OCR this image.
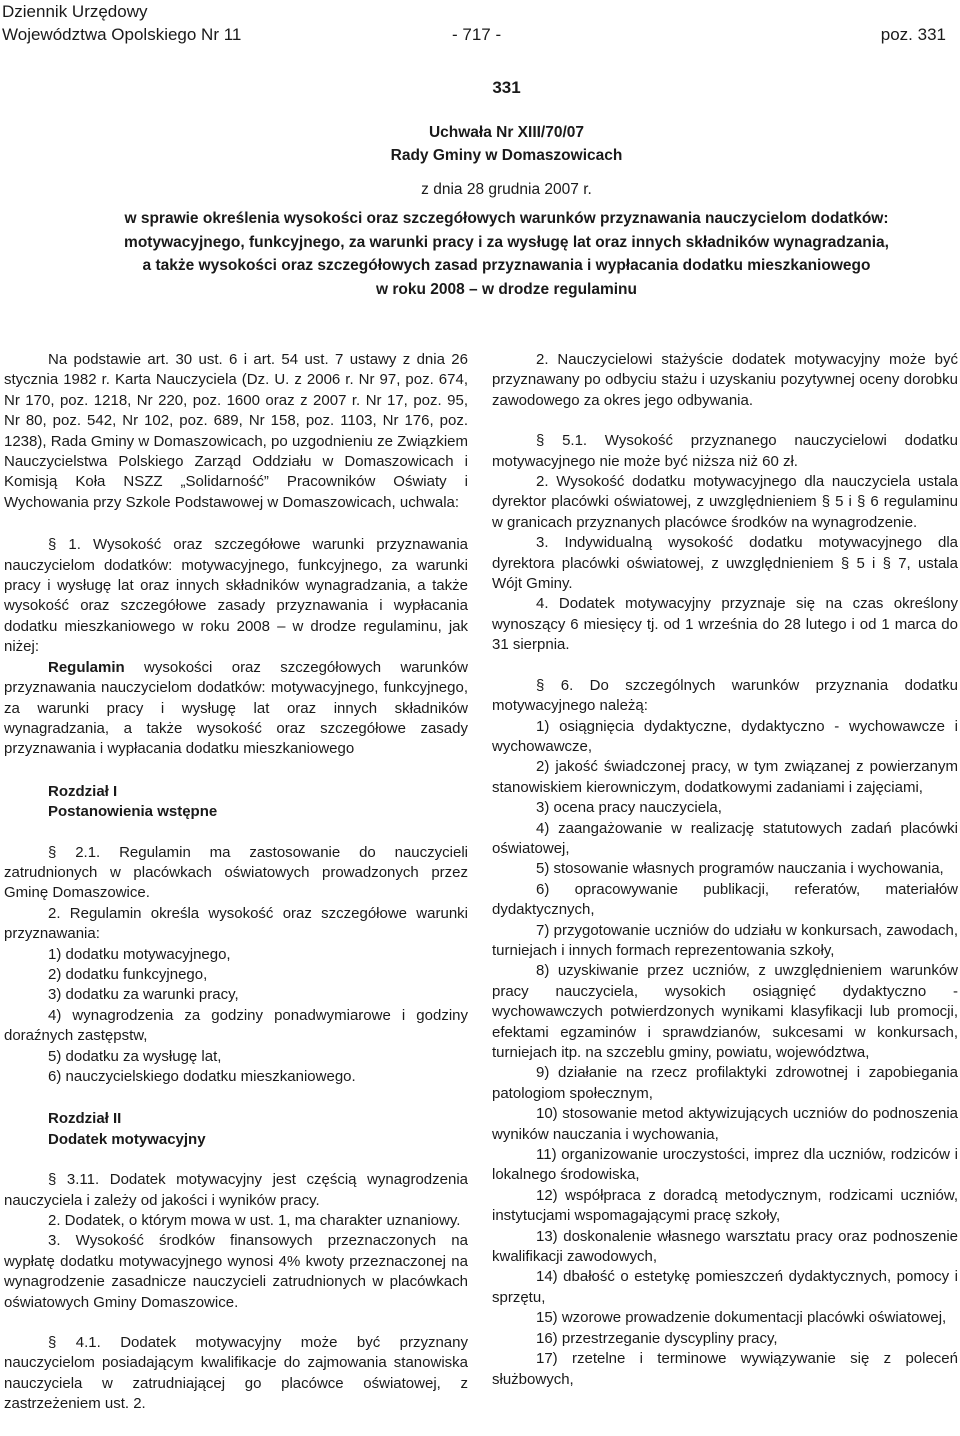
Dziennik Urzędowy
Województwa Opolskiego Nr 11	- 717 -	poz. 331
331
Uchwała Nr XIII/70/07
Rady Gminy w Domaszowicach
z dnia 28 grudnia 2007 r.
w sprawie określenia wysokości oraz szczegółowych warunków przyznawania nauczycielom dodatków:
motywacyjnego, funkcyjnego, za warunki pracy i za wysługę lat oraz innych składników wynagradzania,
a także wysokości oraz szczegółowych zasad przyznawania i wypłacania dodatku mieszkaniowego
w roku 2008 – w drodze regulaminu

Na podstawie art. 30 ust. 6 i art. 54 ust. 7 ustawy z dnia 26 stycznia 1982 r. Karta Nauczyciela (Dz. U. z 2006 r. Nr 97, poz. 674, Nr 170, poz. 1218, Nr 220, poz. 1600 oraz z 2007 r. Nr 17, poz. 95, Nr 80, poz. 542, Nr 102, poz. 689, Nr 158, poz. 1103, Nr 176, poz. 1238), Rada Gminy w Domaszowicach, po uzgodnieniu ze Związkiem Nauczycielstwa Polskiego Zarząd Oddziału w Domaszowicach i Komisją Koła NSZZ „Solidarność” Pracowników Oświaty i Wychowania przy Szkole Podstawowej w Domaszowicach, uchwala:

§ 1. Wysokość oraz szczegółowe warunki przyznawania nauczycielom dodatków: motywacyjnego, funkcyjnego, za warunki pracy i wysługę lat oraz innych składników wynagradzania, a także wysokość oraz szczegółowe zasady przyznawania i wypłacania dodatku mieszkaniowego w roku 2008 – w drodze regulaminu, jak niżej:

Regulamin wysokości oraz szczegółowych warunków przyznawania nauczycielom dodatków: motywacyjnego, funkcyjnego, za warunki pracy i wysługę lat oraz innych składników wynagradzania, a także wysokość oraz szczegółowe zasady przyznawania i wypłacania dodatku mieszkaniowego

Rozdział I

Postanowienia wstępne

§ 2.1. Regulamin ma zastosowanie do nauczycieli zatrudnionych w placówkach oświatowych prowadzonych przez Gminę Domaszowice.

2. Regulamin określa wysokość oraz szczegółowe warunki przyznawania:

1) dodatku motywacyjnego,

2) dodatku funkcyjnego,

3) dodatku za warunki pracy,

4) wynagrodzenia za godziny ponadwymiarowe i godziny doraźnych zastępstw,

5) dodatku za wysługę lat,

6) nauczycielskiego dodatku mieszkaniowego.

Rozdział II

Dodatek motywacyjny

§ 3.11. Dodatek motywacyjny jest częścią wynagrodzenia nauczyciela i zależy od jakości i wyników pracy.

2. Dodatek, o którym mowa w ust. 1, ma charakter uznaniowy.

3. Wysokość środków finansowych przeznaczonych na wypłatę dodatku motywacyjnego wynosi 4% kwoty przeznaczonej na wynagrodzenie zasadnicze nauczycieli zatrudnionych w placówkach oświatowych Gminy Domaszowice.

§ 4.1. Dodatek motywacyjny może być przyznany nauczycielom posiadającym kwalifikacje do zajmowania stanowiska nauczyciela w zatrudniającej go placówce oświatowej, z zastrzeżeniem ust. 2.

2. Nauczycielowi stażyście dodatek motywacyjny może być przyznawany po odbyciu stażu i uzyskaniu pozytywnej oceny dorobku zawodowego za okres jego odbywania.

§ 5.1. Wysokość przyznanego nauczycielowi dodatku motywacyjnego nie może być niższa niż 60 zł.

2. Wysokość dodatku motywacyjnego dla nauczyciela ustala dyrektor placówki oświatowej, z uwzględnieniem § 5 i § 6 regulaminu w granicach przyznanych placówce środków na wynagrodzenie.

3. Indywidualną wysokość dodatku motywacyjnego dla dyrektora placówki oświatowej, z uwzględnieniem § 5 i § 7, ustala Wójt Gminy.

4. Dodatek motywacyjny przyznaje się na czas określony wynoszący 6 miesięcy tj. od 1 września do 28 lutego i od 1 marca do 31 sierpnia.

§ 6. Do szczególnych warunków przyznania dodatku motywacyjnego należą:

1) osiągnięcia dydaktyczne, dydaktyczno - wychowawcze i wychowawcze,

2) jakość świadczonej pracy, w tym związanej z powierzanym stanowiskiem kierowniczym, dodatkowymi zadaniami i zajęciami,

3) ocena pracy nauczyciela,

4) zaangażowanie w realizację statutowych zadań placówki oświatowej,

5) stosowanie własnych programów nauczania i wychowania,

6) opracowywanie publikacji, referatów, materiałów dydaktycznych,

7) przygotowanie uczniów do udziału w konkursach, zawodach, turniejach i innych formach reprezentowania szkoły,

8) uzyskiwanie przez uczniów, z uwzględnieniem warunków pracy nauczyciela, wysokich osiągnięć dydaktyczno - wychowawczych potwierdzonych wynikami klasyfikacji lub promocji, efektami egzaminów i sprawdzianów, sukcesami w konkursach, turniejach itp. na szczeblu gminy, powiatu, województwa,

9) działanie na rzecz profilaktyki zdrowotnej i zapobiegania patologiom społecznym,

10) stosowanie metod aktywizujących uczniów do podnoszenia wyników nauczania i wychowania,

11) organizowanie uroczystości, imprez dla uczniów, rodziców i lokalnego środowiska,

12) współpraca z doradcą metodycznym, rodzicami uczniów, instytucjami wspomagającymi pracę szkoły,

13) doskonalenie własnego warsztatu pracy oraz podnoszenie kwalifikacji zawodowych,

14) dbałość o estetykę pomieszczeń dydaktycznych, pomocy i sprzętu,

15) wzorowe prowadzenie dokumentacji placówki oświatowej,

16) przestrzeganie dyscypliny pracy,

17) rzetelne i terminowe wywiązywanie się z poleceń służbowych,
